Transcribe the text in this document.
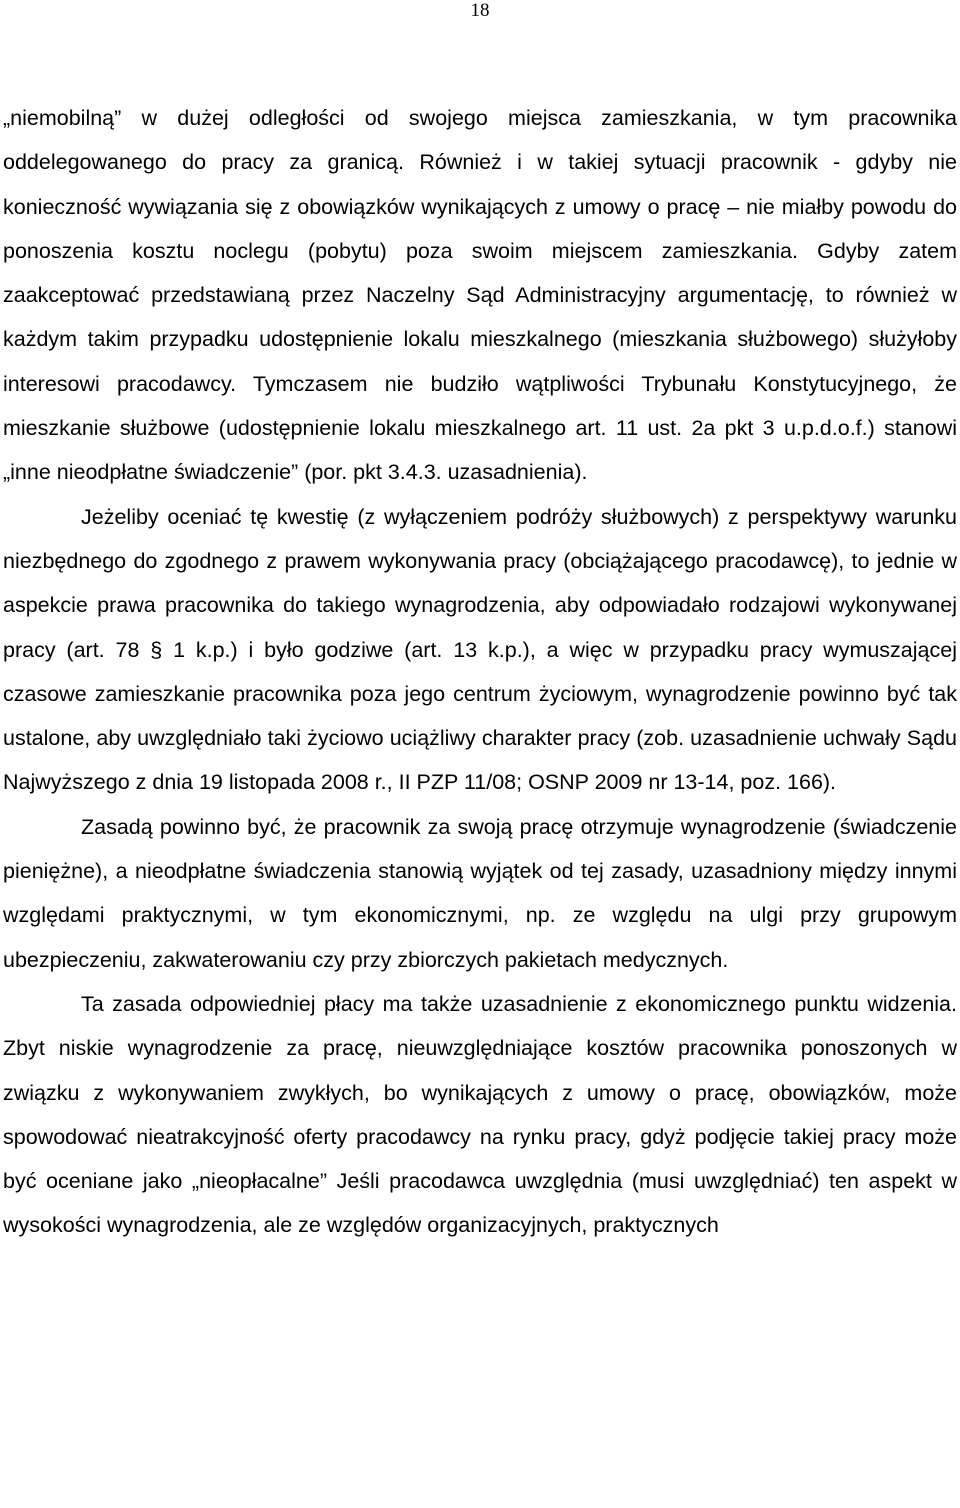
18

„niemobilną” w dużej odległości od swojego miejsca zamieszkania, w tym pracownika oddelegowanego do pracy za granicą. Również i w takiej sytuacji pracownik - gdyby nie konieczność wywiązania się z obowiązków wynikających z umowy o pracę – nie miałby powodu do ponoszenia kosztu noclegu (pobytu) poza swoim miejscem zamieszkania. Gdyby zatem zaakceptować przedstawianą przez Naczelny Sąd Administracyjny argumentację, to również w każdym takim przypadku udostępnienie lokalu mieszkalnego (mieszkania służbowego) służyłoby interesowi pracodawcy. Tymczasem nie budziło wątpliwości Trybunału Konstytucyjnego, że mieszkanie służbowe (udostępnienie lokalu mieszkalnego art. 11 ust. 2a pkt 3 u.p.d.o.f.) stanowi „inne nieodpłatne świadczenie” (por. pkt 3.4.3. uzasadnienia).

Jeżeliby oceniać tę kwestię (z wyłączeniem podróży służbowych) z perspektywy warunku niezbędnego do zgodnego z prawem wykonywania pracy (obciążającego pracodawcę), to jednie w aspekcie prawa pracownika do takiego wynagrodzenia, aby odpowiadało rodzajowi wykonywanej pracy (art. 78 § 1 k.p.) i było godziwe (art. 13 k.p.), a więc w przypadku pracy wymuszającej czasowe zamieszkanie pracownika poza jego centrum życiowym, wynagrodzenie powinno być tak ustalone, aby uwzględniało taki życiowo uciążliwy charakter pracy (zob. uzasadnienie uchwały Sądu Najwyższego z dnia 19 listopada 2008 r., II PZP 11/08; OSNP 2009 nr 13-14, poz. 166).

Zasadą powinno być, że pracownik za swoją pracę otrzymuje wynagrodzenie (świadczenie pieniężne), a nieodpłatne świadczenia stanowią wyjątek od tej zasady, uzasadniony między innymi względami praktycznymi, w tym ekonomicznymi, np. ze względu na ulgi przy grupowym ubezpieczeniu, zakwaterowaniu czy przy zbiorczych pakietach medycznych.

Ta zasada odpowiedniej płacy ma także uzasadnienie z ekonomicznego punktu widzenia. Zbyt niskie wynagrodzenie za pracę, nieuwzględniające kosztów pracownika ponoszonych w związku z wykonywaniem zwykłych, bo wynikających z umowy o pracę, obowiązków, może spowodować nieatrakcyjność oferty pracodawcy na rynku pracy, gdyż podjęcie takiej pracy może być oceniane jako „nieopłacalne” Jeśli pracodawca uwzględnia (musi uwzględniać) ten aspekt w wysokości wynagrodzenia, ale ze względów organizacyjnych, praktycznych
